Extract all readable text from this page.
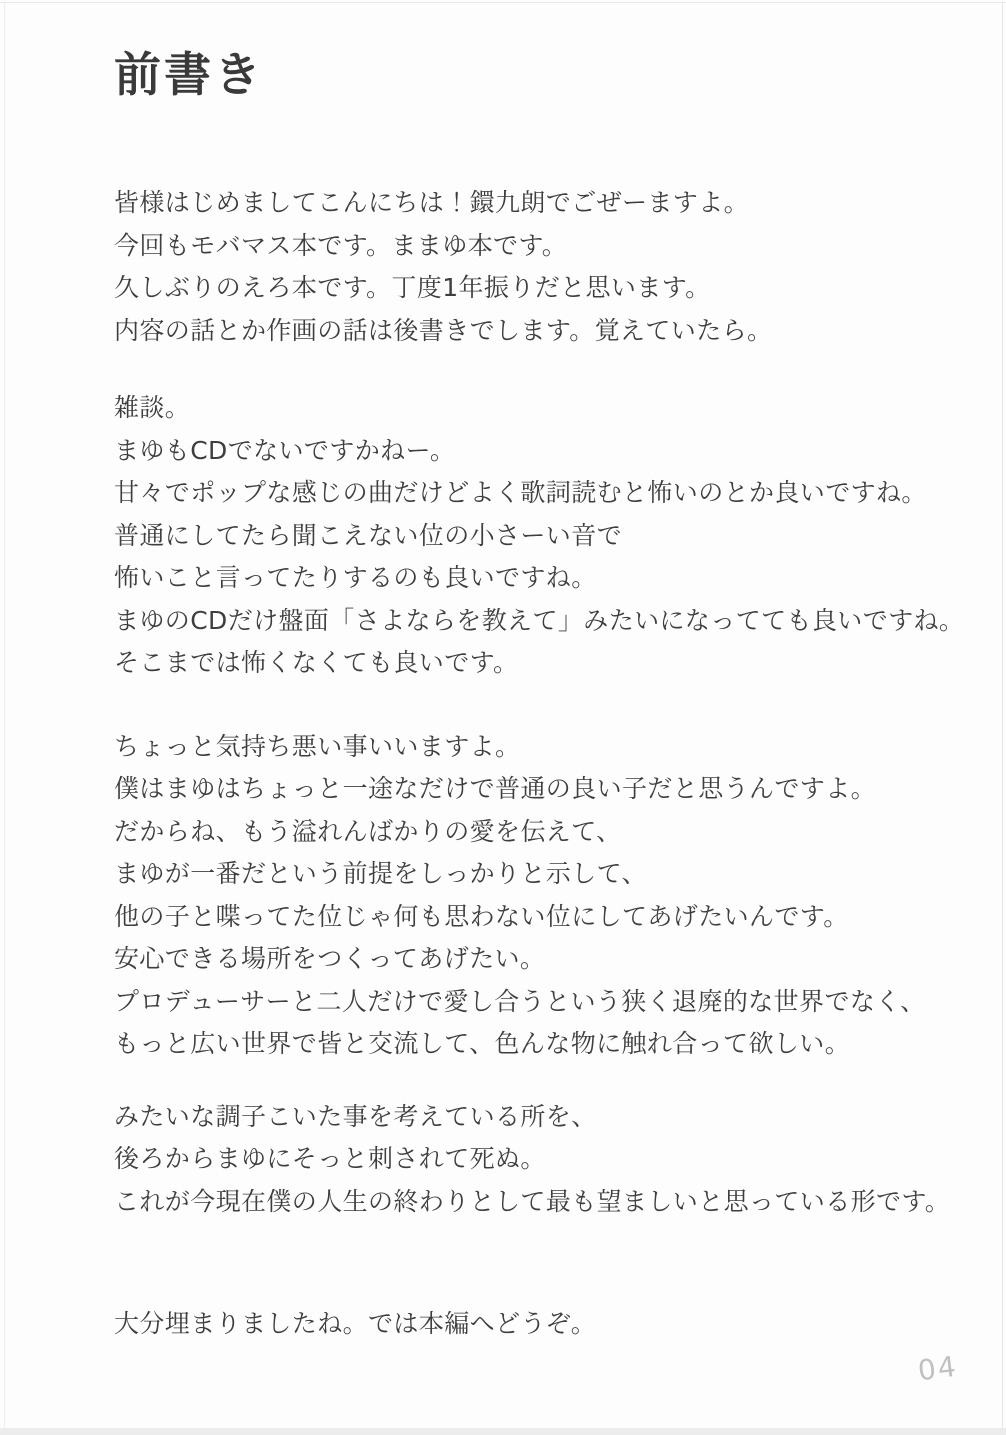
前書き

皆様はじめましてこんにちは！鐶九朗でごぜーますよ。

今回もモバマス本です。ままゆ本です。

久しぶりのえろ本です。丁度1年振りだと思います。

内容の話とか作画の話は後書きでします。覚えていたら。

雑談。

まゆもCDでないですかねー。

甘々でポップな感じの曲だけどよく歌詞読むと怖いのとか良いですね。

普通にしてたら聞こえない位の小さーい音で

怖いこと言ってたりするのも良いですね。

まゆのCDだけ盤面「さよならを教えて」みたいになってても良いですね。

そこまでは怖くなくても良いです。

ちょっと気持ち悪い事いいますよ。

僕はまゆはちょっと一途なだけで普通の良い子だと思うんですよ。

だからね、もう溢れんばかりの愛を伝えて、

まゆが一番だという前提をしっかりと示して、

他の子と喋ってた位じゃ何も思わない位にしてあげたいんです。

安心できる場所をつくってあげたい。

プロデューサーと二人だけで愛し合うという狭く退廃的な世界でなく、

もっと広い世界で皆と交流して、色んな物に触れ合って欲しい。

みたいな調子こいた事を考えている所を、

後ろからまゆにそっと刺されて死ぬ。

これが今現在僕の人生の終わりとして最も望ましいと思っている形です。

大分埋まりましたね。では本編へどうぞ。

04
